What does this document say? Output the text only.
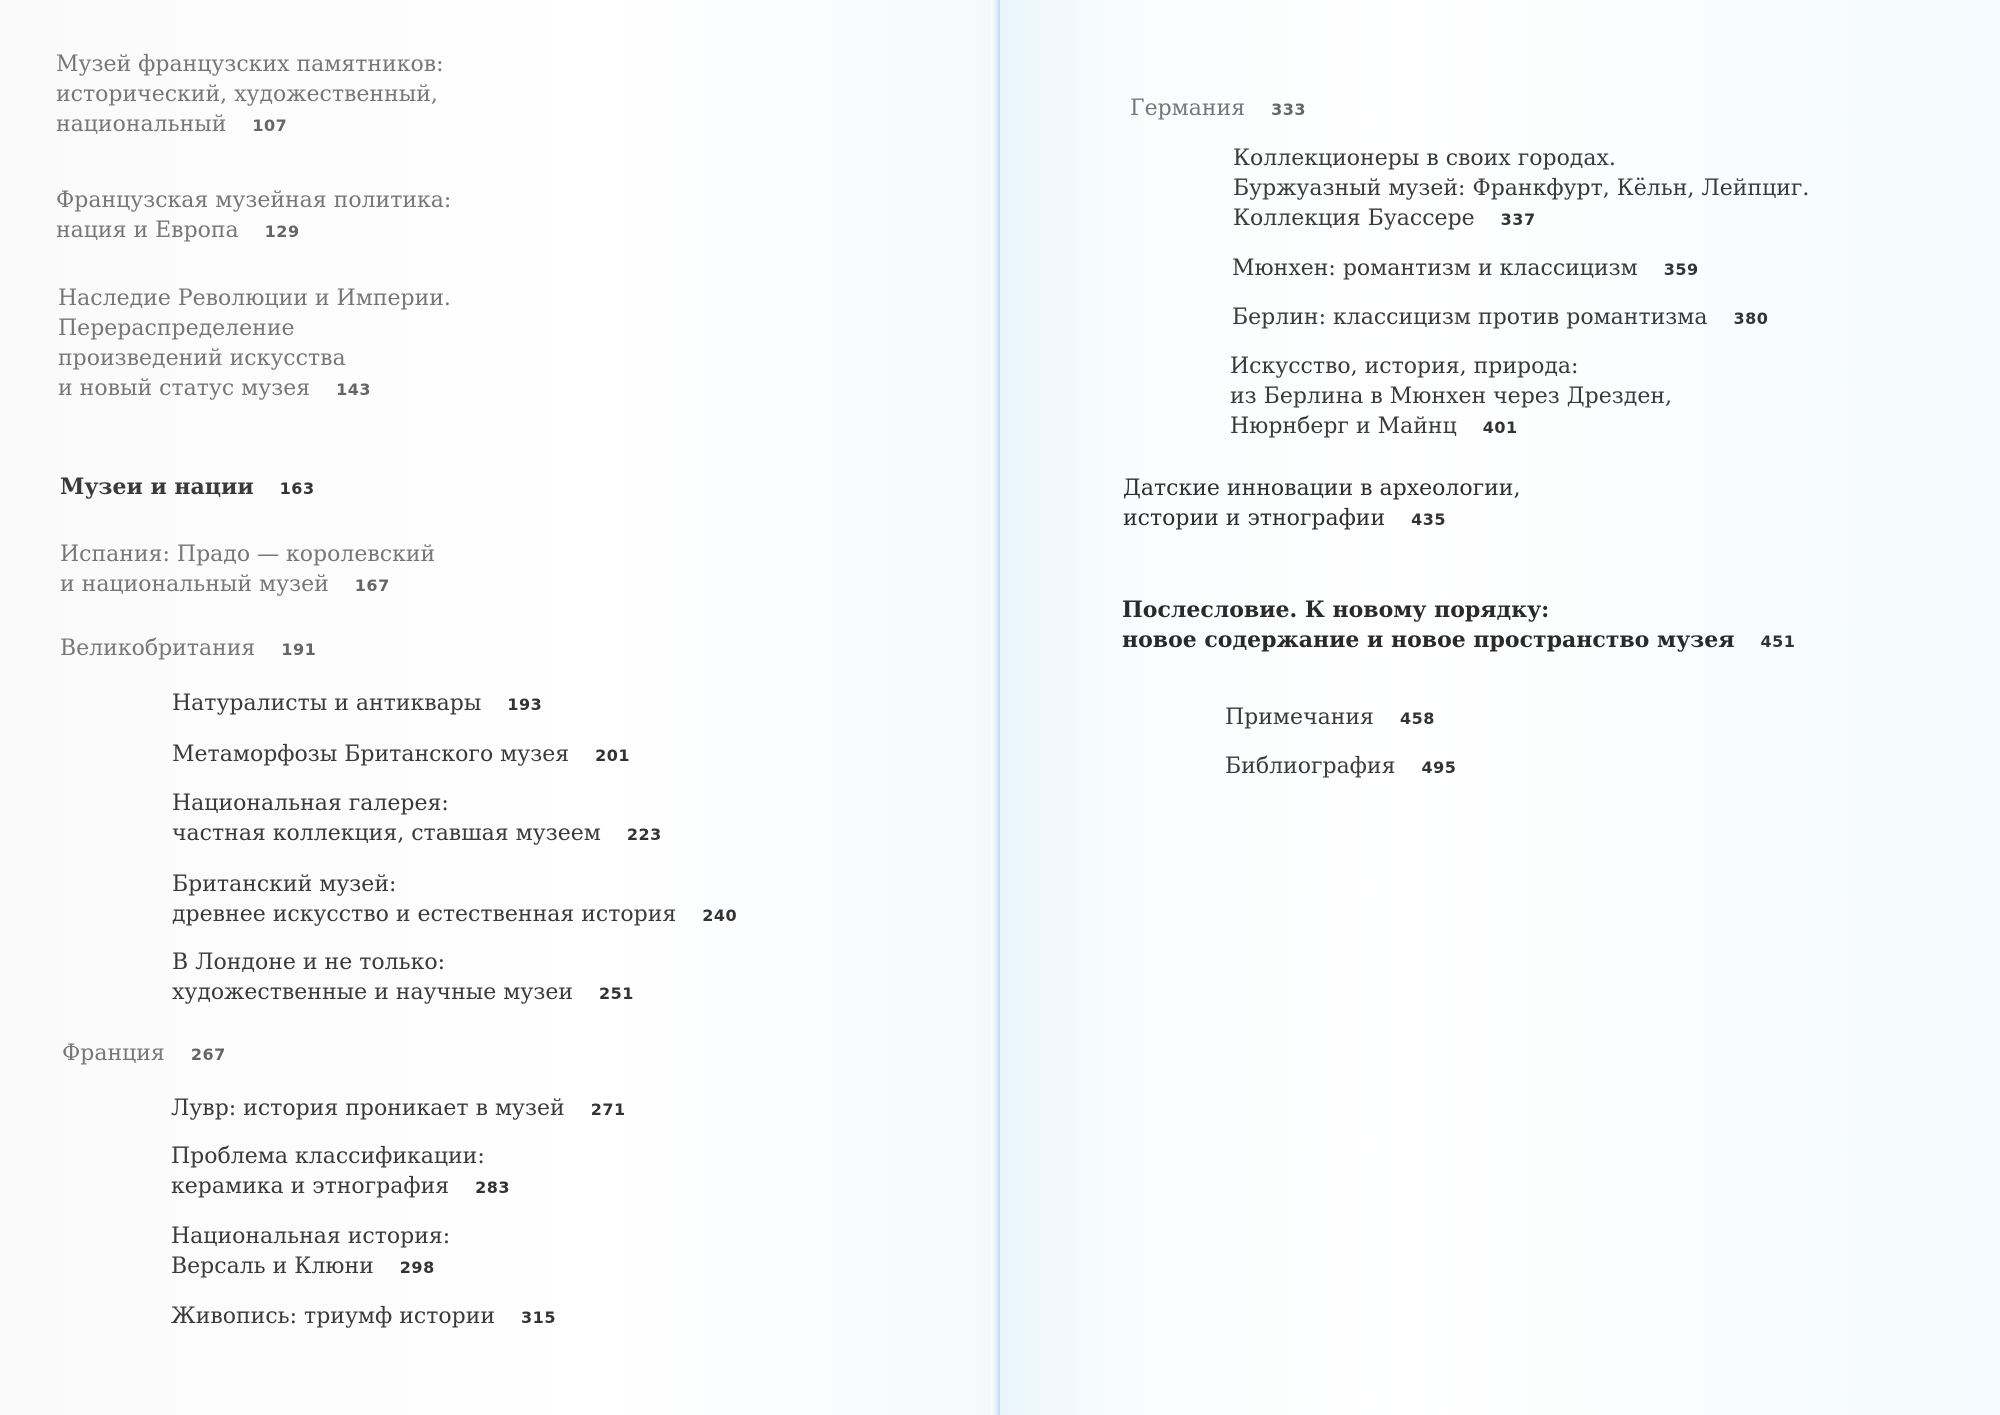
Музей французских памятников:
исторический, художественный,
национальный 107
Французская музейная политика:
нация и Европа 129
Наследие Революции и Империи.
Перераспределение
произведений искусства
и новый статус музея 143
Музеи и нации 163
Испания: Прадо — королевский
и национальный музей 167
Великобритания 191
Натуралисты и антиквары 193
Метаморфозы Британского музея 201
Национальная галерея:
частная коллекция, ставшая музеем 223
Британский музей:
древнее искусство и естественная история 240
В Лондоне и не только:
художественные и научные музеи 251
Франция 267
Лувр: история проникает в музей 271
Проблема классификации:
керамика и этнография 283
Национальная история:
Версаль и Клюни 298
Живопись: триумф истории 315
Германия 333
Коллекционеры в своих городах.
Буржуазный музей: Франкфурт, Кёльн, Лейпциг.
Коллекция Буассере 337
Мюнхен: романтизм и классицизм 359
Берлин: классицизм против романтизма 380
Искусство, история, природа:
из Берлина в Мюнхен через Дрезден,
Нюрнберг и Майнц 401
Датские инновации в археологии,
истории и этнографии 435
Послесловие. К новому порядку:
новое содержание и новое пространство музея 451
Примечания 458
Библиография 495
